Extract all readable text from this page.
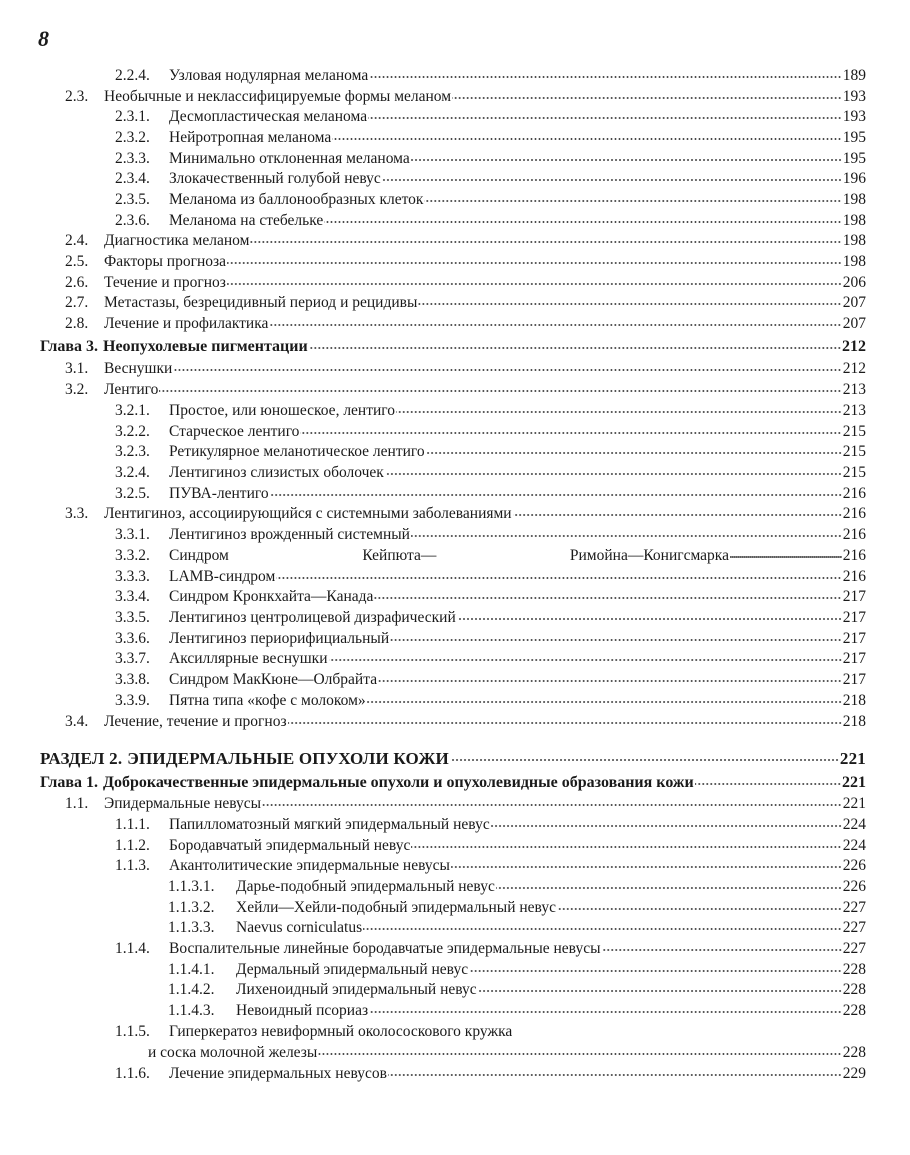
8
2.2.4.	Узловая нодулярная меланома	189
2.3.	Необычные и неклассифицируемые формы меланом	193
2.3.1.	Десмопластическая меланома	193
2.3.2.	Нейротропная меланома	195
2.3.3.	Минимально отклоненная меланома	195
2.3.4.	Злокачественный голубой невус	196
2.3.5.	Меланома из баллонообразных клеток	198
2.3.6.	Меланома на стебельке	198
2.4.	Диагностика меланом	198
2.5.	Факторы прогноза	198
2.6.	Течение и прогноз	206
2.7.	Метастазы, безрецидивный период и рецидивы	207
2.8.	Лечение и профилактика	207
Глава 3. Неопухолевые пигментации	212
3.1.	Веснушки	212
3.2.	Лентиго	213
3.2.1.	Простое, или юношеское, лентиго	213
3.2.2.	Старческое лентиго	215
3.2.3.	Ретикулярное меланотическое лентиго	215
3.2.4.	Лентигиноз слизистых оболочек	215
3.2.5.	ПУВА-лентиго	216
3.3.	Лентигиноз, ассоциирующийся с системными заболеваниями	216
3.3.1.	Лентигиноз врожденный системный	216
3.3.2.	Синдром	Кейпюта—	Римойна—Конигсмарка	216
3.3.3.	LAMB-синдром	216
3.3.4.	Синдром Кронкхайта—Канада	217
3.3.5.	Лентигиноз центролицевой дизрафический	217
3.3.6.	Лентигиноз периорифициальный	217
3.3.7.	Аксиллярные веснушки	217
3.3.8.	Синдром МакКюне—Олбрайта	217
3.3.9.	Пятна типа «кофе с молоком»	218
3.4.	Лечение, течение и прогноз	218
РАЗДЕЛ 2. ЭПИДЕРМАЛЬНЫЕ ОПУХОЛИ КОЖИ	221
Глава 1. Доброкачественные эпидермальные опухоли и опухолевидные образования кожи	221
1.1.	Эпидермальные невусы	221
1.1.1.	Папилломатозный мягкий эпидермальный невус	224
1.1.2.	Бородавчатый эпидермальный невус	224
1.1.3.	Акантолитические эпидермальные невусы	226
1.1.3.1.	Дарье-подобный эпидермальный невус	226
1.1.3.2.	Хейли—Хейли-подобный эпидермальный невус	227
1.1.3.3.	Naevus corniculatus	227
1.1.4.	Воспалительные линейные бородавчатые эпидермальные невусы	227
1.1.4.1.	Дермальный эпидермальный невус	228
1.1.4.2.	Лихеноидный эпидермальный невус	228
1.1.4.3.	Невоидный псориаз	228
1.1.5.	Гиперкератоз невиформный околососкового кружка
и соска молочной железы	228
1.1.6.	Лечение эпидермальных невусов	229
